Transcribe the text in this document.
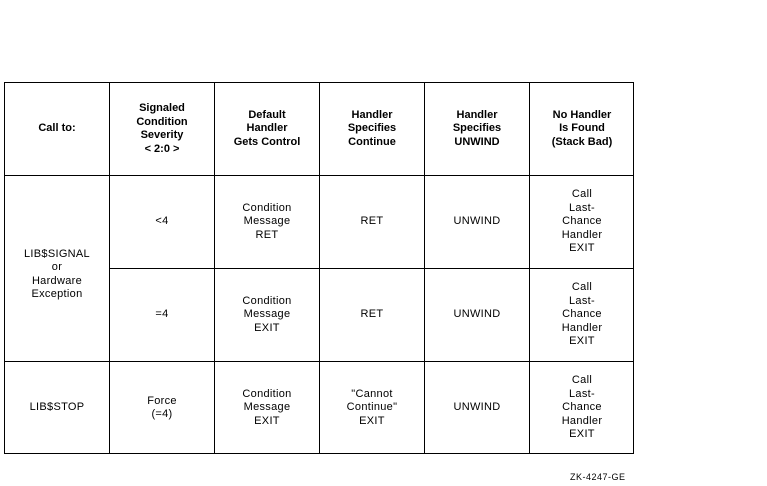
Call to:
Signaled
Condition
Severity
< 2:0 >
Default
Handler
Gets Control
Handler
Specifies
Continue
Handler
Specifies
UNWIND
No Handler
Is Found
(Stack Bad)
LIB$SIGNAL
or
Hardware
Exception
<4
Condition
Message
RET
RET	UNWIND
Call
Last-
Chance
Handler
EXIT
=4
Condition
Message
EXIT
RET	UNWIND
Call
Last-
Chance
Handler
EXIT
LIB$STOP
Force
(=4)
Condition
Message
EXIT
"Cannot
Continue"
EXIT
UNWIND
Call
Last-
Chance
Handler
EXIT
ZK-4247-GE
